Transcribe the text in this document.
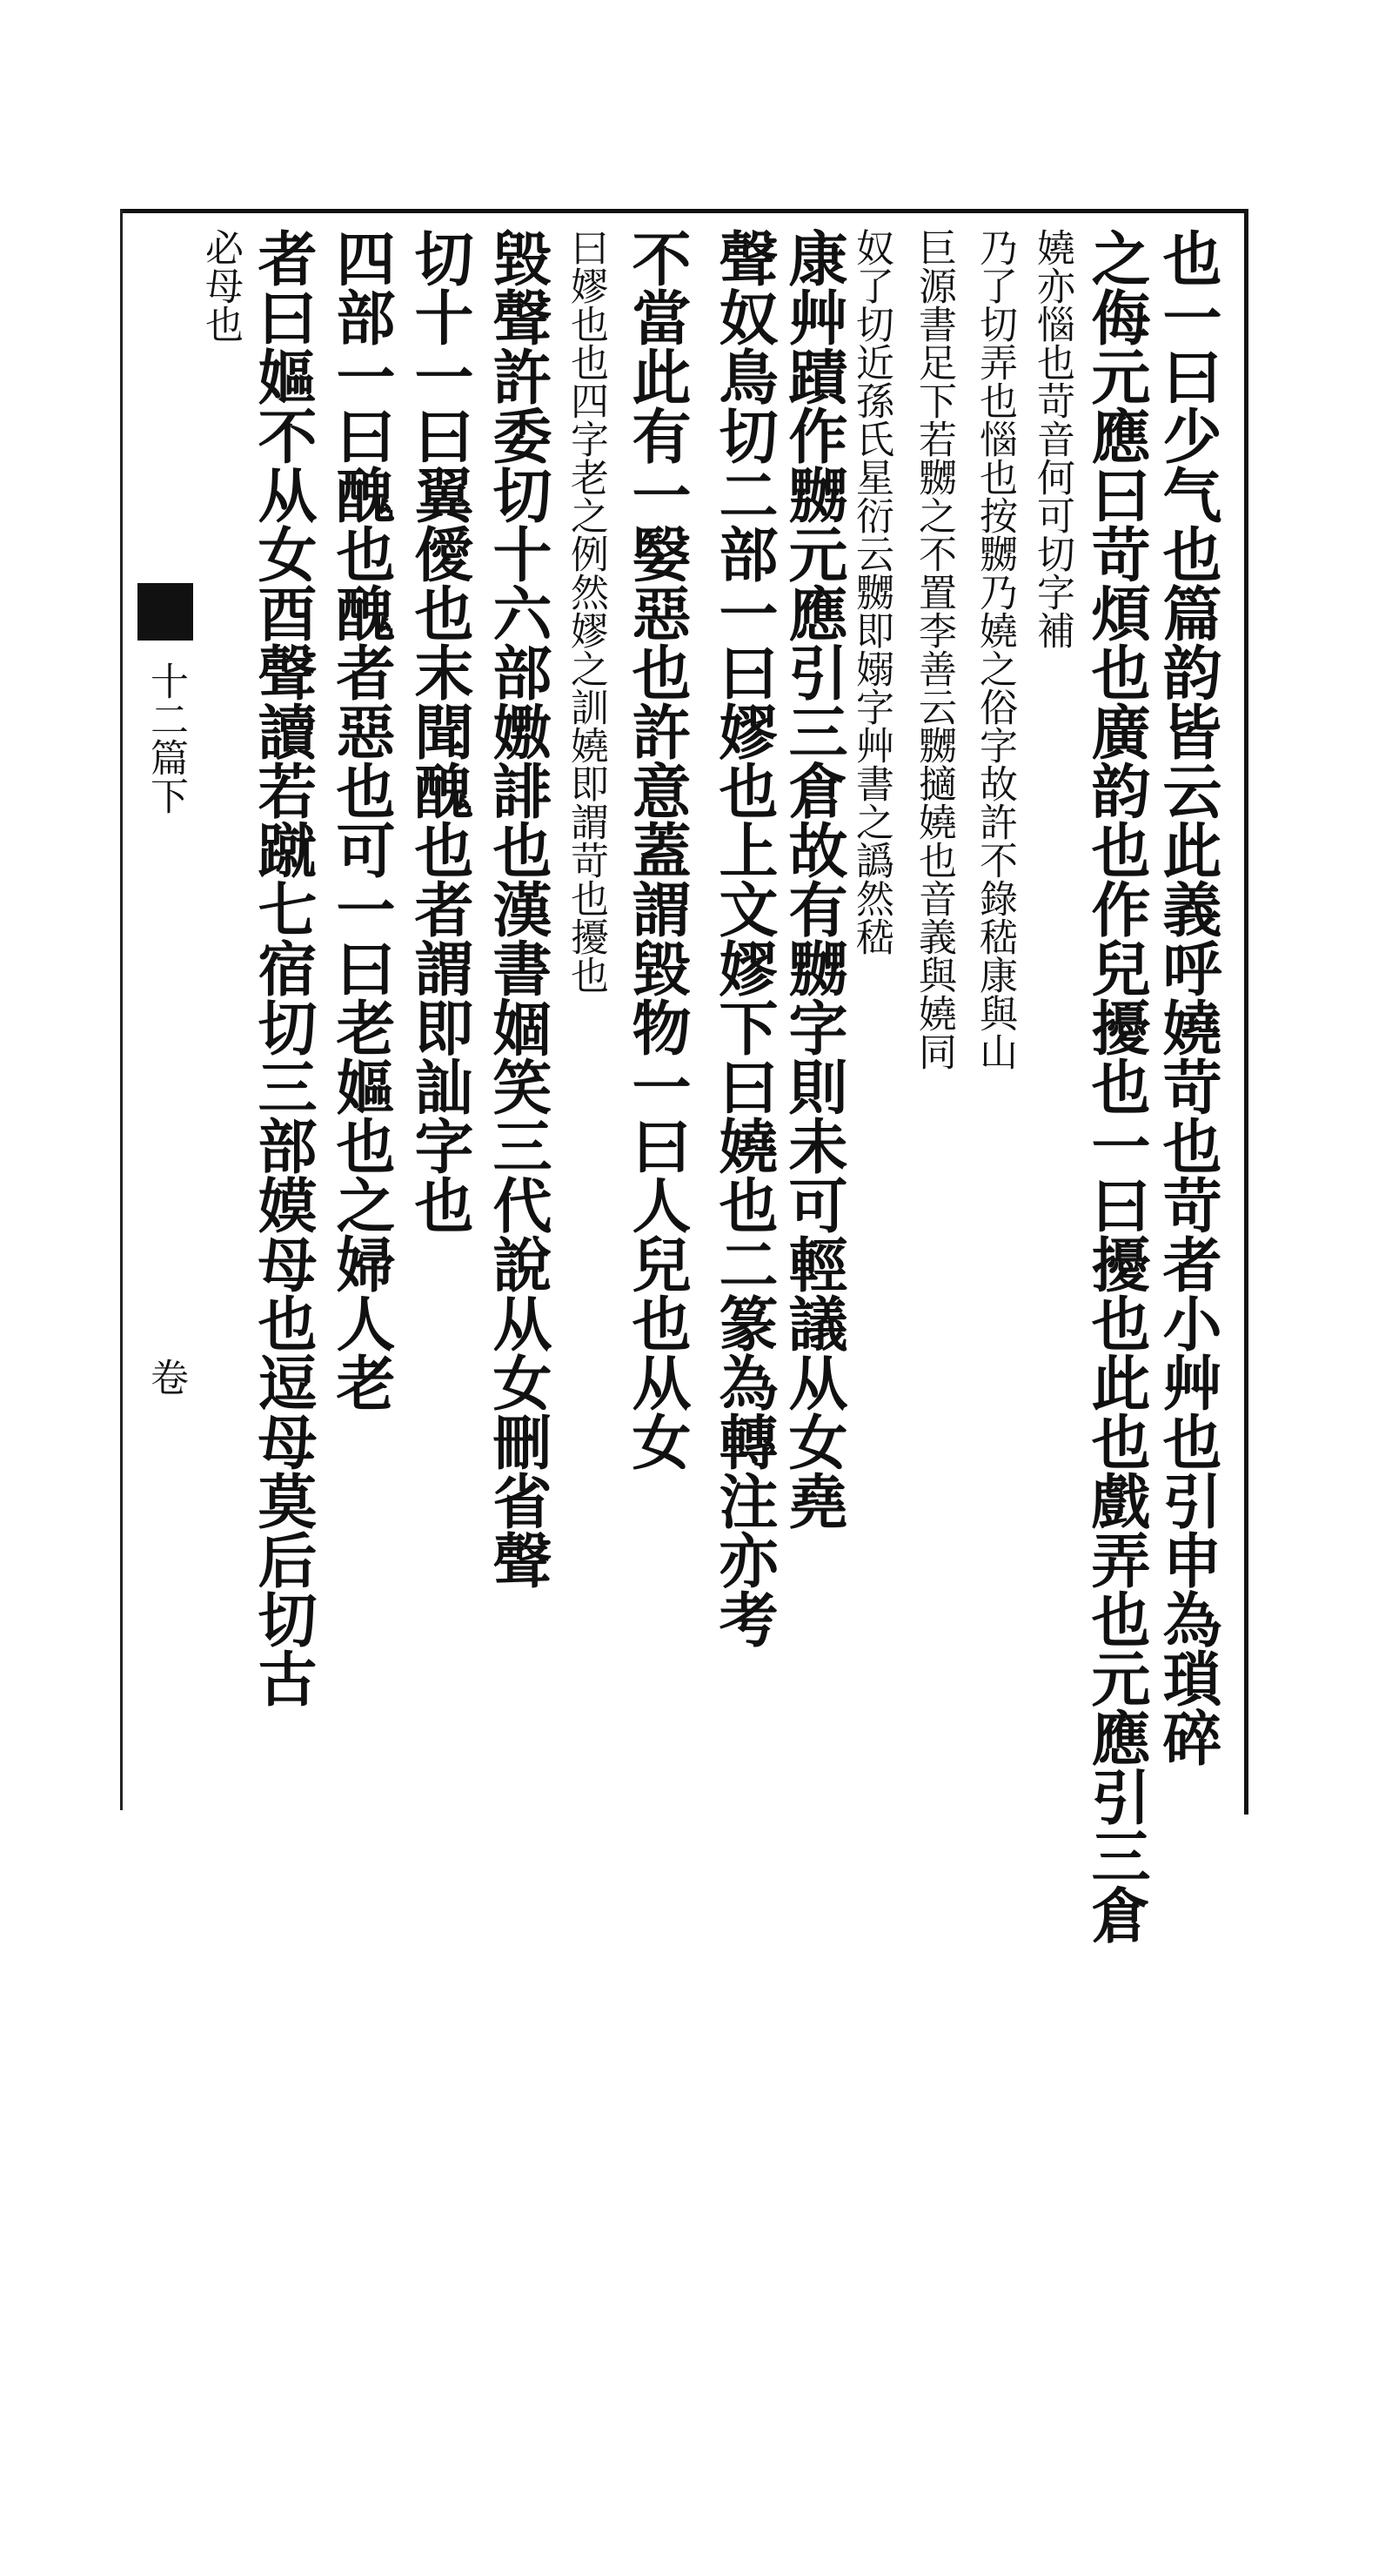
十二篇下
卷	也一曰少气也篇韵皆云此義呼嬈苛也苛者小艸也引申為瑣碎
之侮元應曰苛煩也廣韵也作兒擾也一曰擾也此也戲弄也元應引三倉
嬈亦惱也苛音何可切字補
乃了切弄也惱也按嬲乃嬈之俗字故許不錄嵇康與山
巨源書足下若嬲之不置李善云嬲擿嬈也音義與嬈同
奴了切近孫氏星衍云嬲即嫋字艸書之譌然嵇
康艸蹟作嬲元應引三倉故有嬲字則未可輕議从女堯
聲奴鳥切二部一曰嫪也上文嫪下曰嬈也二篆為轉注亦考
不當此有一嫛惡也許意蓋謂毀物一曰人兒也从女
曰嫪也也四字老之例然嫪之訓嬈即謂苛也擾也
毀聲許委切十六部嫐誹也漢書婟笑三代說从女刪省聲
切十一曰翼僾也末聞醜也者謂即訕字也
四部一曰醜也醜者惡也可一曰老嫗也之婦人老
者曰嫗不从女酉聲讀若蹴七宿切三部嫫母也逗母莫后切古
必母也
